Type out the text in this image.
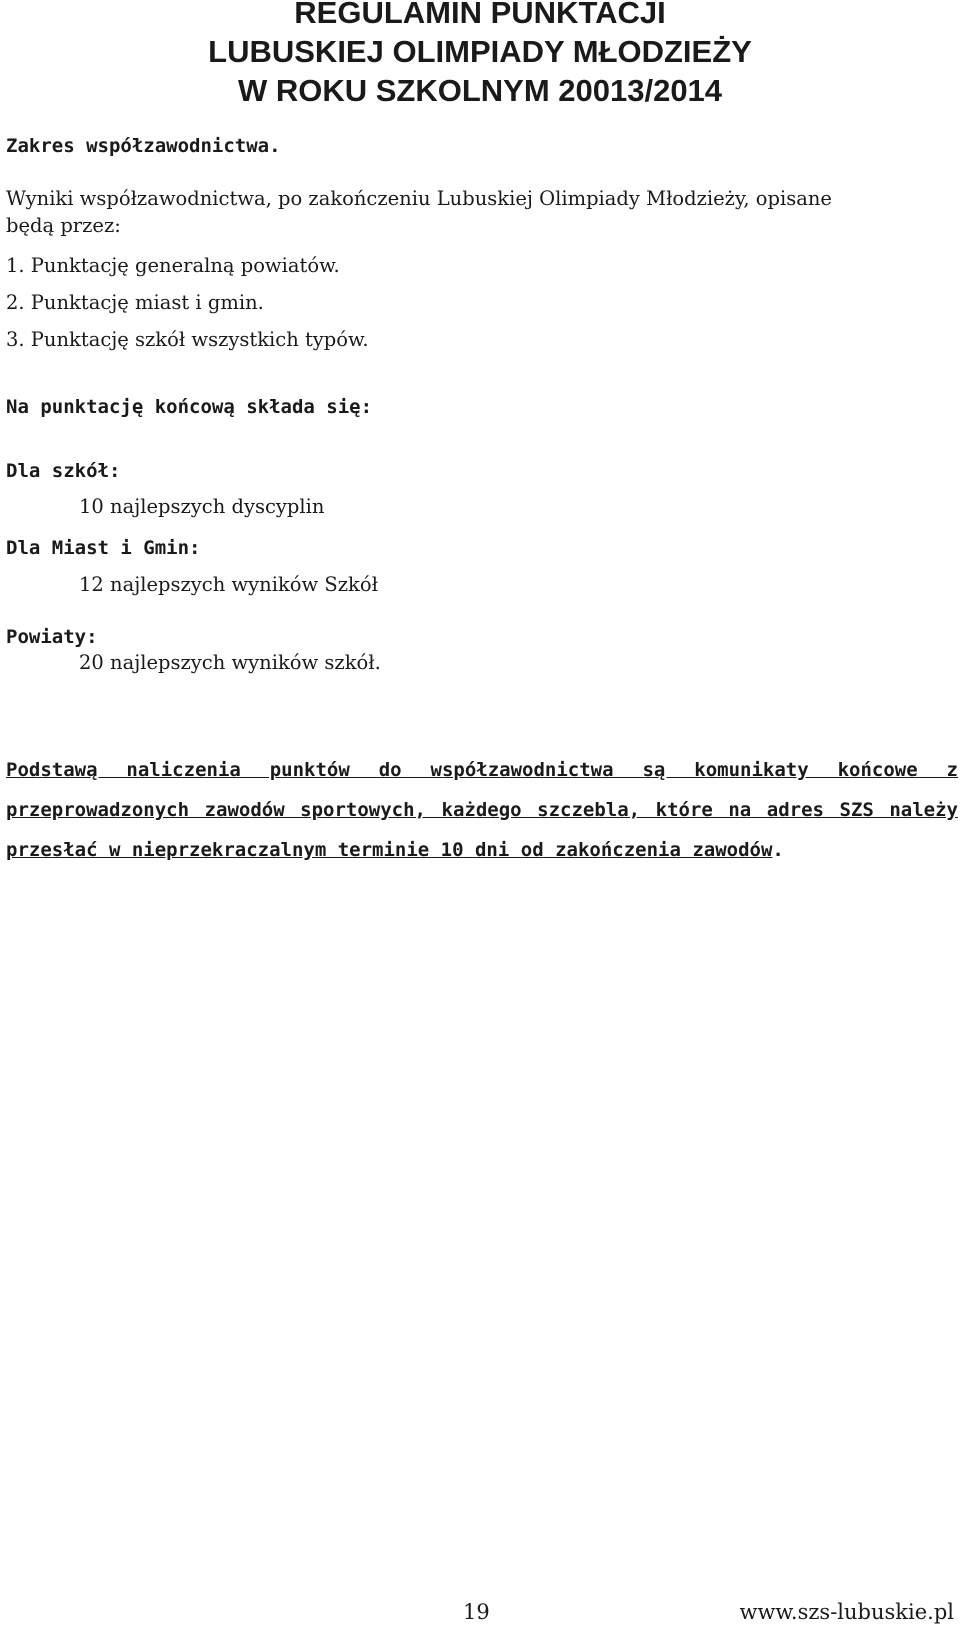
REGULAMIN PUNKTACJI
LUBUSKIEJ OLIMPIADY MŁODZIEŻY
W ROKU SZKOLNYM 20013/2014

Zakres współzawodnictwa.

Wyniki współzawodnictwa, po zakończeniu Lubuskiej Olimpiady Młodzieży, opisane

będą przez:

1. Punktację generalną powiatów.

2. Punktację miast i gmin.

3. Punktację szkół wszystkich typów.

Na punktację końcową składa się:

Dla szkół:

10 najlepszych dyscyplin

Dla Miast i Gmin:

12 najlepszych wyników Szkół

Powiaty:

20 najlepszych wyników szkół.

Podstawą naliczenia punktów do współzawodnictwa są komunikaty końcowe z przeprowadzonych zawodów sportowych, każdego szczebla, które na adres SZS należy przesłać w nieprzekraczalnym terminie 10 dni od zakończenia zawodów.

19	www.szs-lubuskie.pl
